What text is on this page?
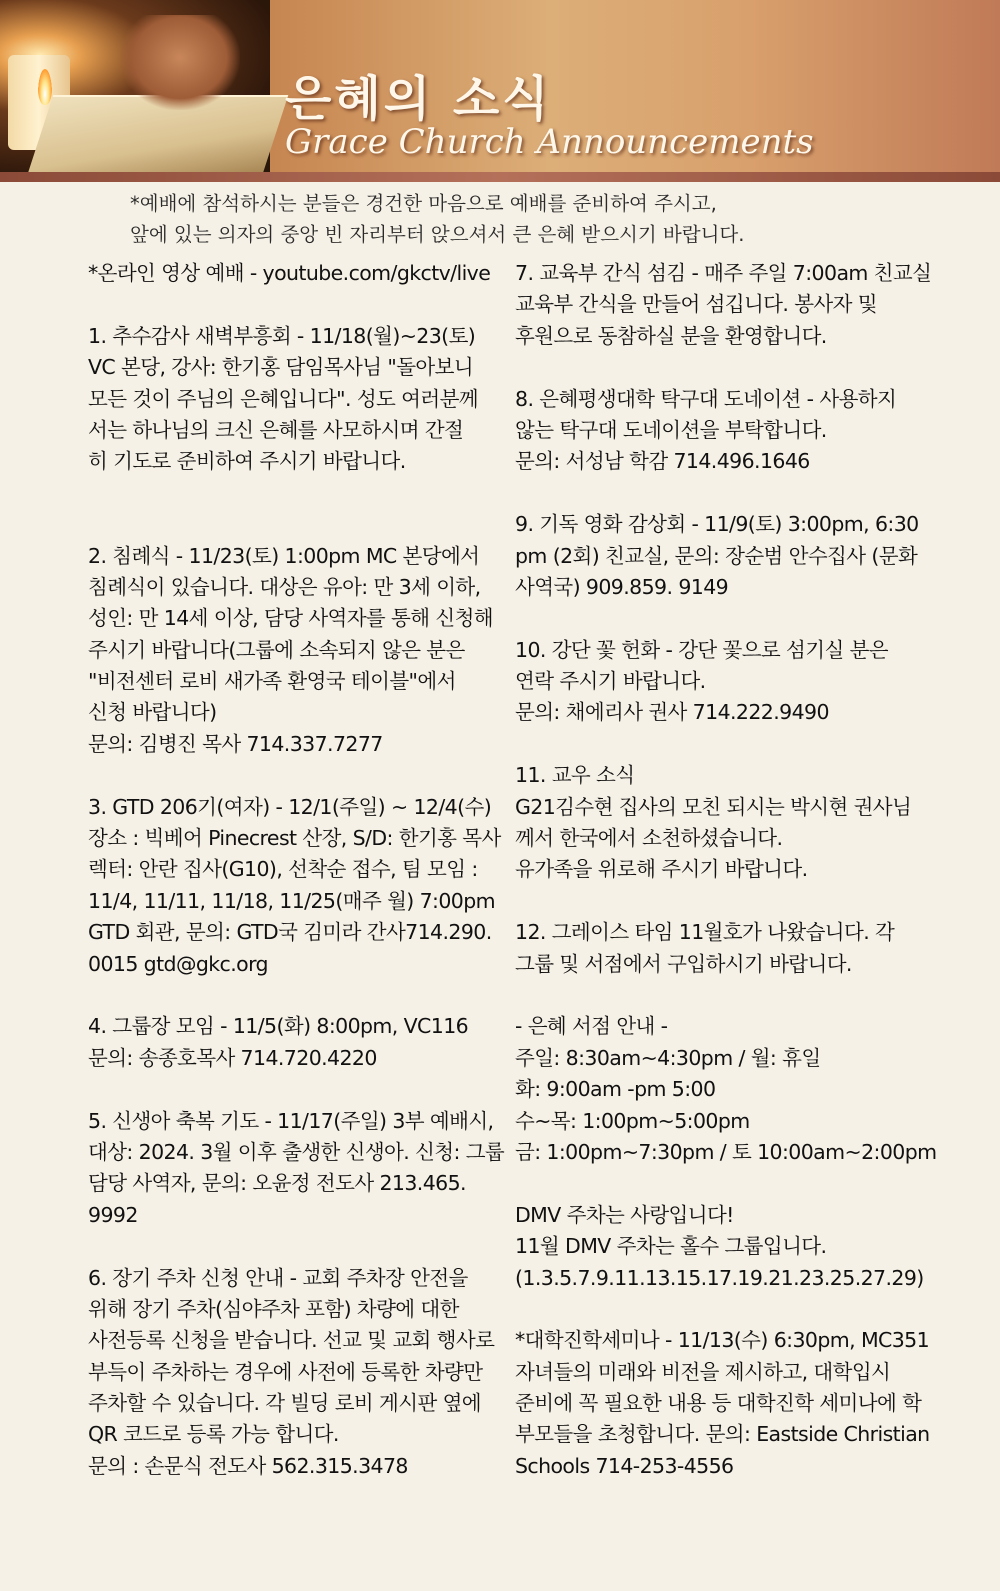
은혜의 소식
Grace Church Announcements
*예배에 참석하시는 분들은 경건한 마음으로 예배를 준비하여 주시고,
앞에 있는 의자의 중앙 빈 자리부터 앉으셔서 큰 은혜 받으시기 바랍니다.
*온라인 영상 예배 - youtube.com/gkctv/live
1. 추수감사 새벽부흥회 - 11/18(월)~23(토)
VC 본당, 강사: 한기홍 담임목사님 "돌아보니
모든 것이 주님의 은혜입니다". 성도 여러분께
서는 하나님의 크신 은혜를 사모하시며 간절
히 기도로 준비하여 주시기 바랍니다.
2. 침례식 - 11/23(토) 1:00pm MC 본당에서
침례식이 있습니다. 대상은 유아: 만 3세 이하,
성인: 만 14세 이상, 담당 사역자를 통해 신청해
주시기 바랍니다(그룹에 소속되지 않은 분은
"비전센터 로비 새가족 환영국 테이블"에서
신청 바랍니다)
문의: 김병진 목사 714.337.7277
3. GTD 206기(여자) - 12/1(주일) ~ 12/4(수)
장소 : 빅베어 Pinecrest 산장, S/D: 한기홍 목사
렉터: 안란 집사(G10), 선착순 접수, 팀 모임 :
11/4, 11/11, 11/18, 11/25(매주 월) 7:00pm
GTD 회관, 문의: GTD국 김미라 간사714.290.
0015 gtd@gkc.org
4. 그룹장 모임 - 11/5(화) 8:00pm, VC116
문의: 송종호목사 714.720.4220
5. 신생아 축복 기도 - 11/17(주일) 3부 예배시,
대상: 2024. 3월 이후 출생한 신생아. 신청: 그룹
담당 사역자, 문의: 오윤정 전도사 213.465.
9992
6. 장기 주차 신청 안내 - 교회 주차장 안전을
위해 장기 주차(심야주차 포함) 차량에 대한
사전등록 신청을 받습니다. 선교 및 교회 행사로
부득이 주차하는 경우에 사전에 등록한 차량만
주차할 수 있습니다. 각 빌딩 로비 게시판 옆에
QR 코드로 등록 가능 합니다.
문의 : 손문식 전도사 562.315.3478
7. 교육부 간식 섬김 - 매주 주일 7:00am 친교실
교육부 간식을 만들어 섬깁니다. 봉사자 및
후원으로 동참하실 분을 환영합니다.
8. 은혜평생대학 탁구대 도네이션 - 사용하지
않는 탁구대 도네이션을 부탁합니다.
문의: 서성남 학감 714.496.1646
9. 기독 영화 감상회 - 11/9(토) 3:00pm, 6:30
pm (2회) 친교실, 문의: 장순범 안수집사 (문화
사역국) 909.859. 9149
10. 강단 꽃 헌화 - 강단 꽃으로 섬기실 분은
연락 주시기 바랍니다.
문의: 채에리사 권사 714.222.9490
11. 교우 소식
G21김수현 집사의 모친 되시는 박시현 권사님
께서 한국에서 소천하셨습니다.
유가족을 위로해 주시기 바랍니다.
12. 그레이스 타임 11월호가 나왔습니다. 각
그룹 및 서점에서 구입하시기 바랍니다.
- 은혜 서점 안내 -
주일: 8:30am~4:30pm / 월: 휴일
화: 9:00am -pm 5:00
수~목: 1:00pm~5:00pm
금: 1:00pm~7:30pm / 토 10:00am~2:00pm
DMV 주차는 사랑입니다!
11월 DMV 주차는 홀수 그룹입니다.
(1.3.5.7.9.11.13.15.17.19.21.23.25.27.29)
*대학진학세미나 - 11/13(수) 6:30pm, MC351
자녀들의 미래와 비전을 제시하고, 대학입시
준비에 꼭 필요한 내용 등 대학진학 세미나에 학
부모들을 초청합니다. 문의: Eastside Christian
Schools 714-253-4556
